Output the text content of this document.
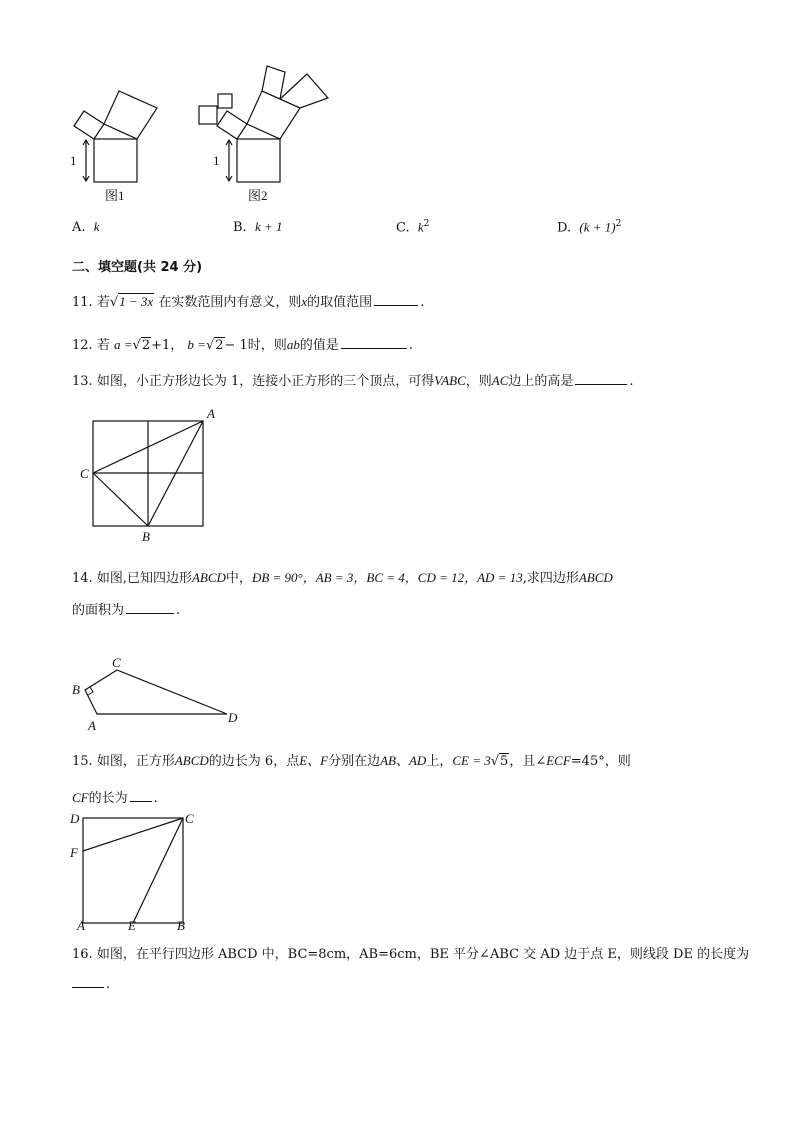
1	1
图1	图2
A. k	B. k + 1	C. $k^2$	D. $(k + 1)^2$
二、填空题(共 24 分)
11. 若√1 − 3x 在实数范围内有意义，则x的取值范围	.
12. 若 a =√2+1， b =√2− 1时，则ab的值是	.
13. 如图，小正方形边长为 1，连接小正方形的三个顶点，可得VABC，则AC边上的高是	.
A
C
B
14. 如图,已知四边形ABCD中，ÐB = 90°，AB = 3，BC = 4，CD = 12，AD = 13,求四边形ABCD
的面积为	.
C
B
A
D
15. 如图，正方形ABCD的边长为 6，点E、F分别在边AB、AD上，CE = 3√5，且∠ECF=45°，则
CF的长为 .
D	C
F
A	E	B
16. 如图，在平行四边形 ABCD 中，BC=8cm，AB=6cm，BE 平分∠ABC 交 AD 边于点 E，则线段 DE 的长度为
.
